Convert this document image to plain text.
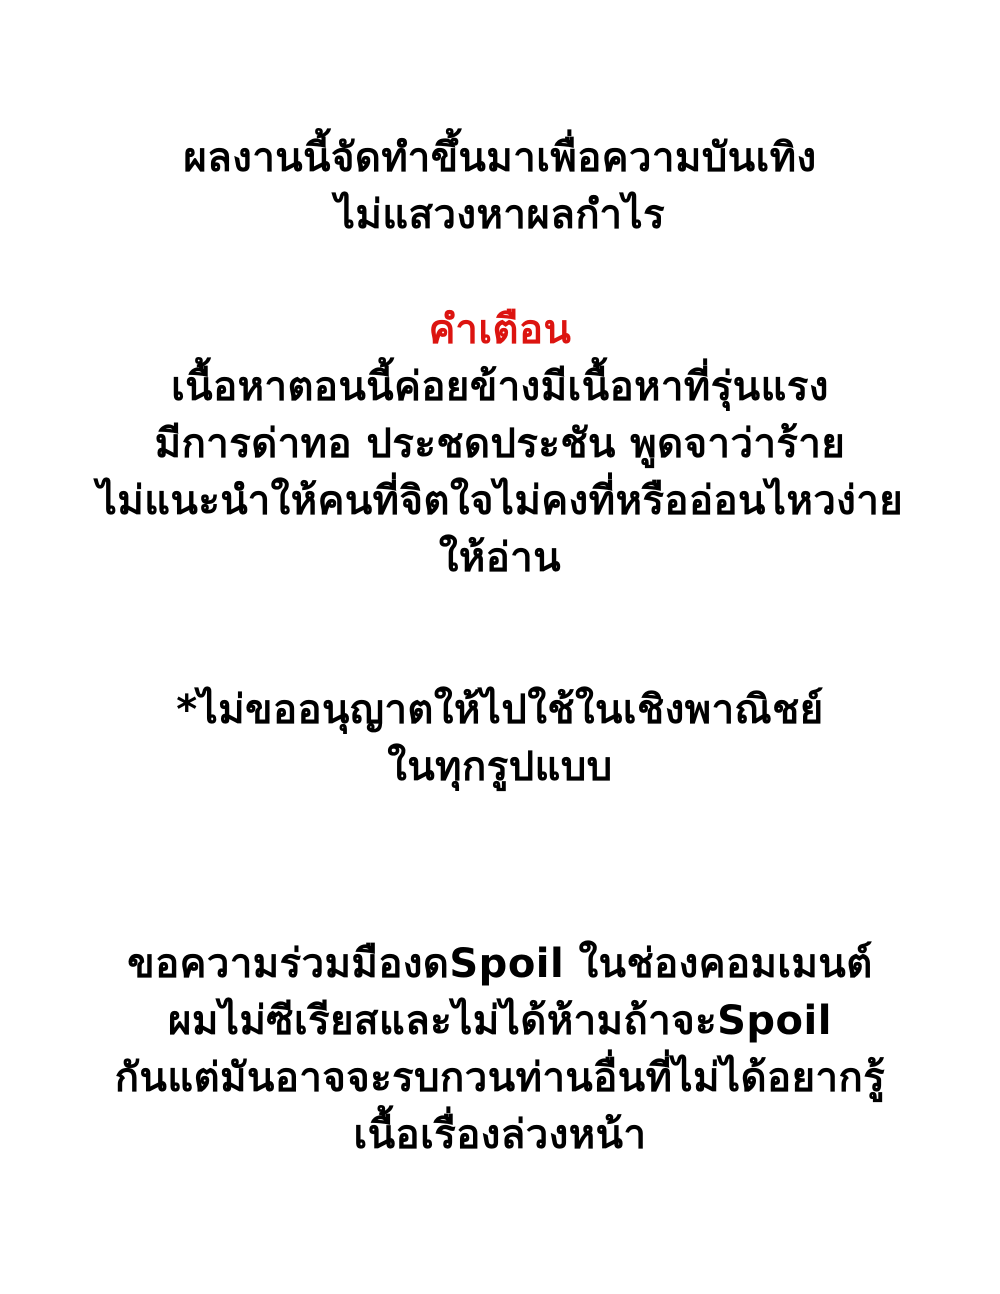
ผลงานนี้จัดทำขึ้นมาเพื่อความบันเทิง
ไม่แสวงหาผลกำไร
คำเตือน
เนื้อหาตอนนี้ค่อยข้างมีเนื้อหาที่รุ่นแรง
มีการด่าทอ ประชดประชัน พูดจาว่าร้าย
ไม่แนะนำให้คนที่จิตใจไม่คงที่หรืออ่อนไหวง่าย
ให้อ่าน
*ไม่ขออนุญาตให้ไปใช้ในเชิงพาณิชย์
ในทุกรูปแบบ
ขอความร่วมมืองดSpoil ในช่องคอมเมนต์
ผมไม่ซีเรียสและไม่ได้ห้ามถ้าจะSpoil
กันแต่มันอาจจะรบกวนท่านอื่นที่ไม่ได้อยากรู้
เนื้อเรื่องล่วงหน้า
